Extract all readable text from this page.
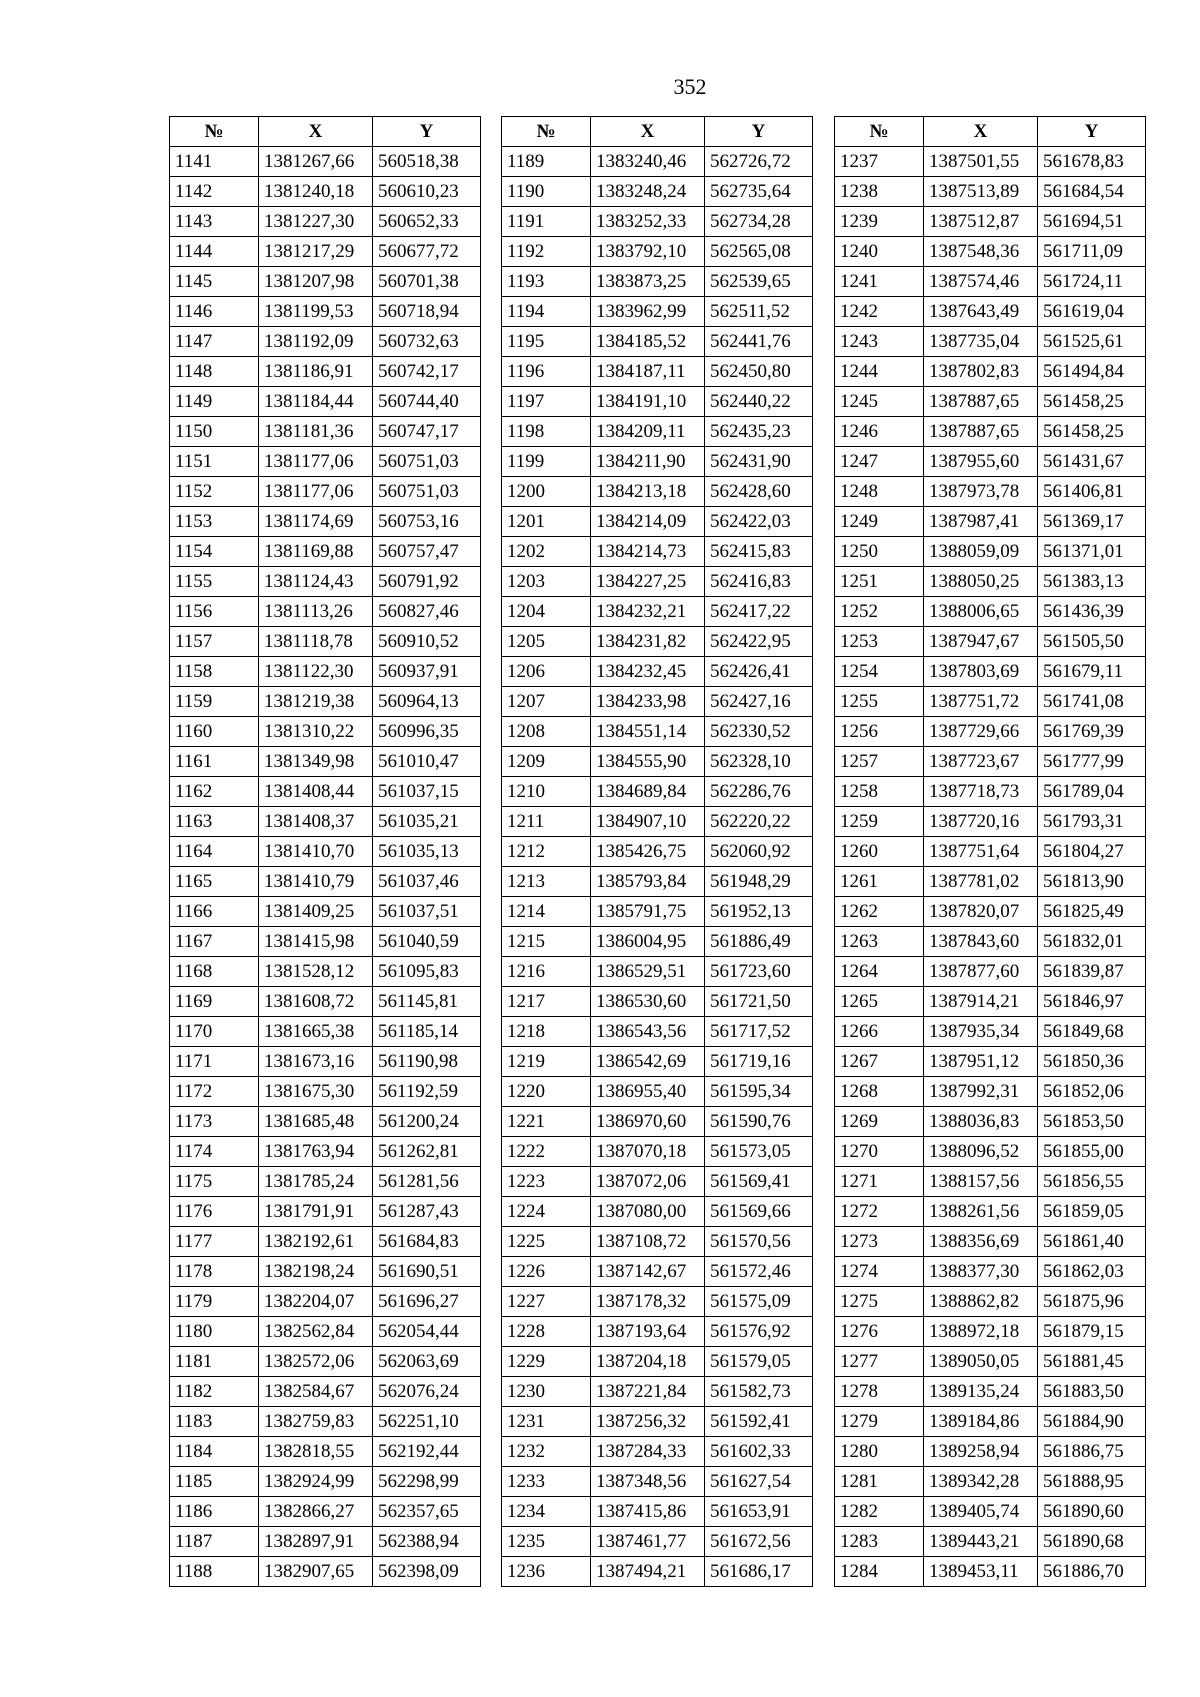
352
№	X	Y
1141	1381267,66	560518,38
1142	1381240,18	560610,23
1143	1381227,30	560652,33
1144	1381217,29	560677,72
1145	1381207,98	560701,38
1146	1381199,53	560718,94
1147	1381192,09	560732,63
1148	1381186,91	560742,17
1149	1381184,44	560744,40
1150	1381181,36	560747,17
1151	1381177,06	560751,03
1152	1381177,06	560751,03
1153	1381174,69	560753,16
1154	1381169,88	560757,47
1155	1381124,43	560791,92
1156	1381113,26	560827,46
1157	1381118,78	560910,52
1158	1381122,30	560937,91
1159	1381219,38	560964,13
1160	1381310,22	560996,35
1161	1381349,98	561010,47
1162	1381408,44	561037,15
1163	1381408,37	561035,21
1164	1381410,70	561035,13
1165	1381410,79	561037,46
1166	1381409,25	561037,51
1167	1381415,98	561040,59
1168	1381528,12	561095,83
1169	1381608,72	561145,81
1170	1381665,38	561185,14
1171	1381673,16	561190,98
1172	1381675,30	561192,59
1173	1381685,48	561200,24
1174	1381763,94	561262,81
1175	1381785,24	561281,56
1176	1381791,91	561287,43
1177	1382192,61	561684,83
1178	1382198,24	561690,51
1179	1382204,07	561696,27
1180	1382562,84	562054,44
1181	1382572,06	562063,69
1182	1382584,67	562076,24
1183	1382759,83	562251,10
1184	1382818,55	562192,44
1185	1382924,99	562298,99
1186	1382866,27	562357,65
1187	1382897,91	562388,94
1188	1382907,65	562398,09
№	X	Y
1189	1383240,46	562726,72
1190	1383248,24	562735,64
1191	1383252,33	562734,28
1192	1383792,10	562565,08
1193	1383873,25	562539,65
1194	1383962,99	562511,52
1195	1384185,52	562441,76
1196	1384187,11	562450,80
1197	1384191,10	562440,22
1198	1384209,11	562435,23
1199	1384211,90	562431,90
1200	1384213,18	562428,60
1201	1384214,09	562422,03
1202	1384214,73	562415,83
1203	1384227,25	562416,83
1204	1384232,21	562417,22
1205	1384231,82	562422,95
1206	1384232,45	562426,41
1207	1384233,98	562427,16
1208	1384551,14	562330,52
1209	1384555,90	562328,10
1210	1384689,84	562286,76
1211	1384907,10	562220,22
1212	1385426,75	562060,92
1213	1385793,84	561948,29
1214	1385791,75	561952,13
1215	1386004,95	561886,49
1216	1386529,51	561723,60
1217	1386530,60	561721,50
1218	1386543,56	561717,52
1219	1386542,69	561719,16
1220	1386955,40	561595,34
1221	1386970,60	561590,76
1222	1387070,18	561573,05
1223	1387072,06	561569,41
1224	1387080,00	561569,66
1225	1387108,72	561570,56
1226	1387142,67	561572,46
1227	1387178,32	561575,09
1228	1387193,64	561576,92
1229	1387204,18	561579,05
1230	1387221,84	561582,73
1231	1387256,32	561592,41
1232	1387284,33	561602,33
1233	1387348,56	561627,54
1234	1387415,86	561653,91
1235	1387461,77	561672,56
1236	1387494,21	561686,17
№	X	Y
1237	1387501,55	561678,83
1238	1387513,89	561684,54
1239	1387512,87	561694,51
1240	1387548,36	561711,09
1241	1387574,46	561724,11
1242	1387643,49	561619,04
1243	1387735,04	561525,61
1244	1387802,83	561494,84
1245	1387887,65	561458,25
1246	1387887,65	561458,25
1247	1387955,60	561431,67
1248	1387973,78	561406,81
1249	1387987,41	561369,17
1250	1388059,09	561371,01
1251	1388050,25	561383,13
1252	1388006,65	561436,39
1253	1387947,67	561505,50
1254	1387803,69	561679,11
1255	1387751,72	561741,08
1256	1387729,66	561769,39
1257	1387723,67	561777,99
1258	1387718,73	561789,04
1259	1387720,16	561793,31
1260	1387751,64	561804,27
1261	1387781,02	561813,90
1262	1387820,07	561825,49
1263	1387843,60	561832,01
1264	1387877,60	561839,87
1265	1387914,21	561846,97
1266	1387935,34	561849,68
1267	1387951,12	561850,36
1268	1387992,31	561852,06
1269	1388036,83	561853,50
1270	1388096,52	561855,00
1271	1388157,56	561856,55
1272	1388261,56	561859,05
1273	1388356,69	561861,40
1274	1388377,30	561862,03
1275	1388862,82	561875,96
1276	1388972,18	561879,15
1277	1389050,05	561881,45
1278	1389135,24	561883,50
1279	1389184,86	561884,90
1280	1389258,94	561886,75
1281	1389342,28	561888,95
1282	1389405,74	561890,60
1283	1389443,21	561890,68
1284	1389453,11	561886,70
